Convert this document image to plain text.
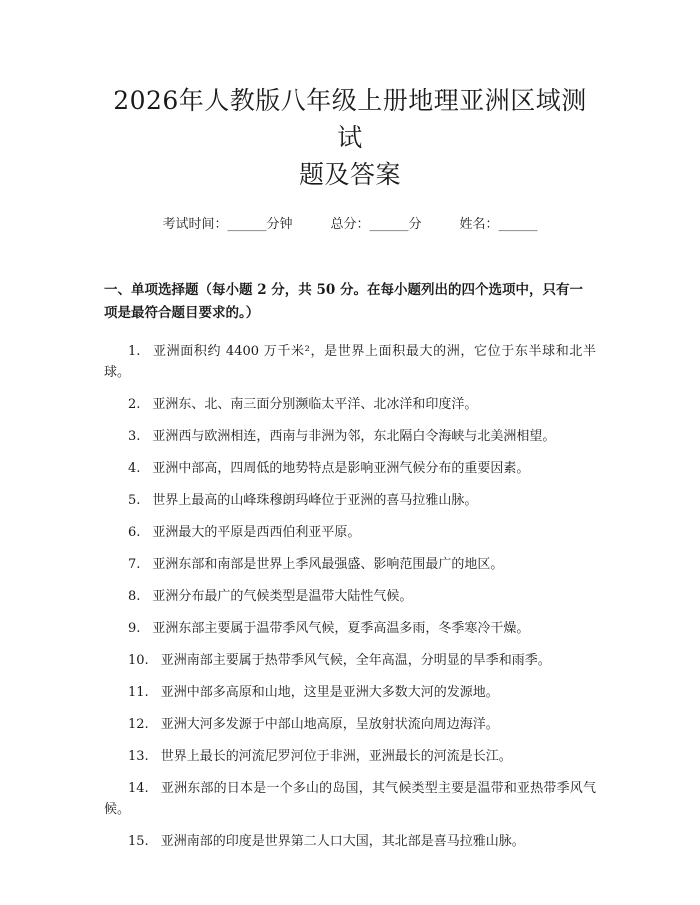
2026年人教版八年级上册地理亚洲区域测试
题及答案
考试时间：______分钟	总分：______分	姓名：______
一、单项选择题（每小题 2 分，共 50 分。在每小题列出的四个选项中，只有一项是最符合题目要求的。）
1. 亚洲面积约 4400 万千米²，是世界上面积最大的洲，它位于东半球和北半球。
2. 亚洲东、北、南三面分别濒临太平洋、北冰洋和印度洋。
3. 亚洲西与欧洲相连，西南与非洲为邻，东北隔白令海峡与北美洲相望。
4. 亚洲中部高，四周低的地势特点是影响亚洲气候分布的重要因素。
5. 世界上最高的山峰珠穆朗玛峰位于亚洲的喜马拉雅山脉。
6. 亚洲最大的平原是西西伯利亚平原。
7. 亚洲东部和南部是世界上季风最强盛、影响范围最广的地区。
8. 亚洲分布最广的气候类型是温带大陆性气候。
9. 亚洲东部主要属于温带季风气候，夏季高温多雨，冬季寒冷干燥。
10. 亚洲南部主要属于热带季风气候，全年高温，分明显的旱季和雨季。
11. 亚洲中部多高原和山地，这里是亚洲大多数大河的发源地。
12. 亚洲大河多发源于中部山地高原，呈放射状流向周边海洋。
13. 世界上最长的河流尼罗河位于非洲，亚洲最长的河流是长江。
14. 亚洲东部的日本是一个多山的岛国，其气候类型主要是温带和亚热带季风气候。
15. 亚洲南部的印度是世界第二人口大国，其北部是喜马拉雅山脉。
